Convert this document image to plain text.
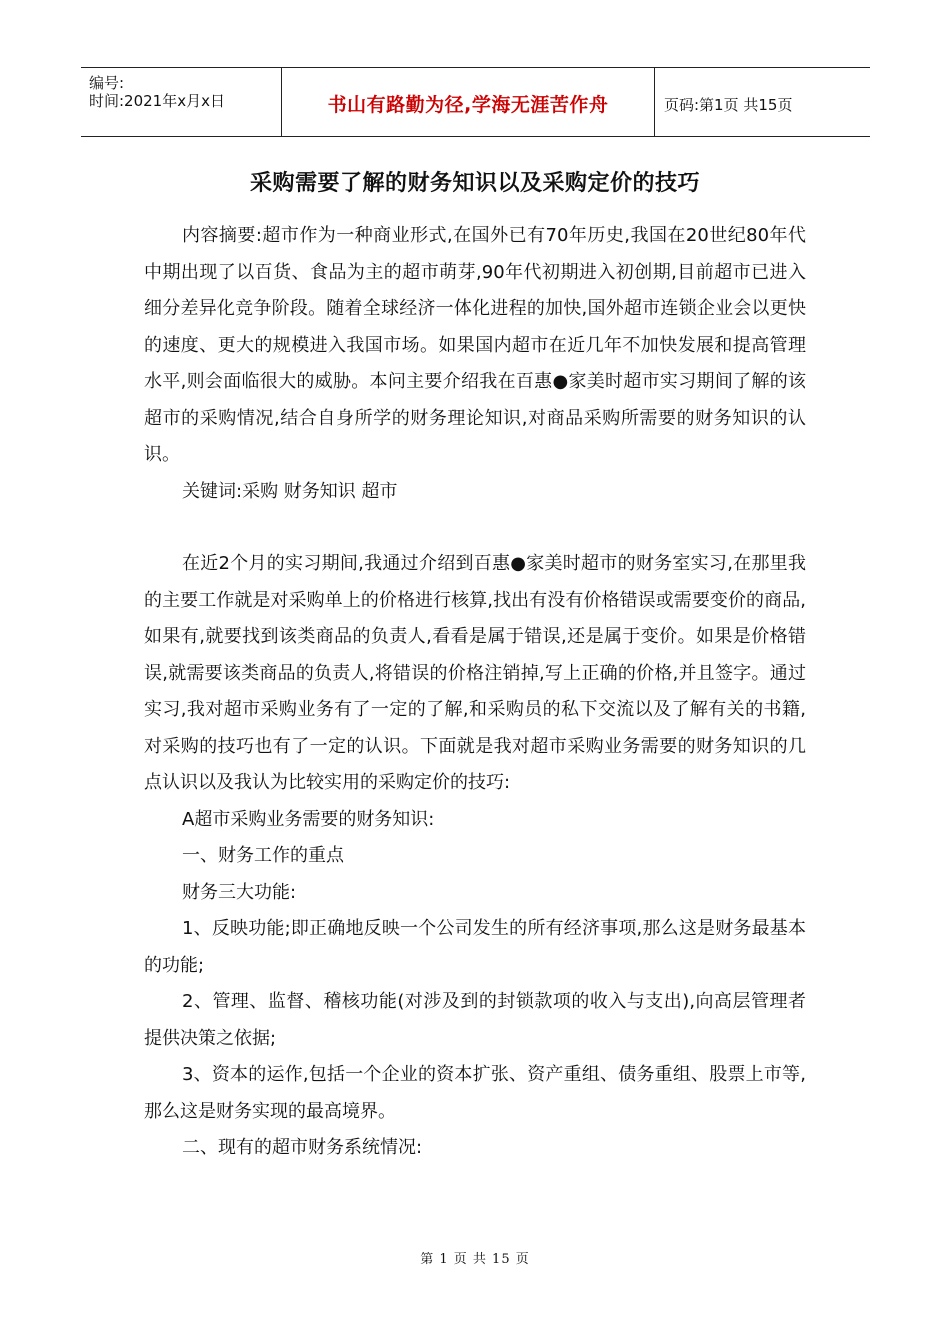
编号:
时间:2021年x月x日	书山有路勤为径,学海无涯苦作舟	页码:第1页 共15页
采购需要了解的财务知识以及采购定价的技巧

内容摘要:超市作为一种商业形式,在国外已有70年历史,我国在20世纪80年代中期出现了以百货、食品为主的超市萌芽,90年代初期进入初创期,目前超市已进入细分差异化竞争阶段。随着全球经济一体化进程的加快,国外超市连锁企业会以更快的速度、更大的规模进入我国市场。如果国内超市在近几年不加快发展和提高管理水平,则会面临很大的威胁。本问主要介绍我在百惠●家美时超市实习期间了解的该超市的采购情况,结合自身所学的财务理论知识,对商品采购所需要的财务知识的认识。

关键词:采购 财务知识 超市

在近2个月的实习期间,我通过介绍到百惠●家美时超市的财务室实习,在那里我的主要工作就是对采购单上的价格进行核算,找出有没有价格错误或需要变价的商品,如果有,就要找到该类商品的负责人,看看是属于错误,还是属于变价。如果是价格错误,就需要该类商品的负责人,将错误的价格注销掉,写上正确的价格,并且签字。通过实习,我对超市采购业务有了一定的了解,和采购员的私下交流以及了解有关的书籍,对采购的技巧也有了一定的认识。下面就是我对超市采购业务需要的财务知识的几点认识以及我认为比较实用的采购定价的技巧:

A超市采购业务需要的财务知识:

一、财务工作的重点

财务三大功能:

1、反映功能;即正确地反映一个公司发生的所有经济事项,那么这是财务最基本的功能;

2、管理、监督、稽核功能(对涉及到的封锁款项的收入与支出),向高层管理者提供决策之依据;

3、资本的运作,包括一个企业的资本扩张、资产重组、债务重组、股票上市等,那么这是财务实现的最高境界。

二、现有的超市财务系统情况:

第 1 页 共 15 页
